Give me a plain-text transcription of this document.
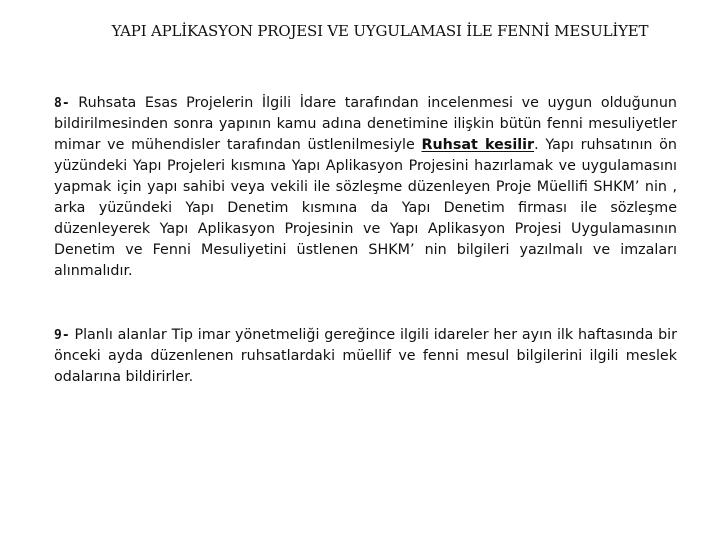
YAPI APLİKASYON PROJESI VE UYGULAMASI İLE FENNİ MESULİYET

8- Ruhsata Esas Projelerin İlgili İdare tarafından incelenmesi ve uygun olduğunun bildirilmesinden sonra yapının kamu adına denetimine ilişkin bütün fenni mesuliyetler mimar ve mühendisler tarafından üstlenilmesiyle Ruhsat kesilir. Yapı ruhsatının ön yüzündeki Yapı Projeleri kısmına Yapı Aplikasyon Projesini hazırlamak ve uygulamasını yapmak için yapı sahibi veya vekili ile sözleşme düzenleyen Proje Müellifi SHKM’ nin , arka yüzündeki Yapı Denetim kısmına da Yapı Denetim firması ile sözleşme düzenleyerek Yapı Aplikasyon Projesinin ve Yapı Aplikasyon Projesi Uygulamasının Denetim ve Fenni Mesuliyetini üstlenen SHKM’ nin bilgileri yazılmalı ve imzaları alınmalıdır.

9- Planlı alanlar Tip imar yönetmeliği gereğince ilgili idareler her ayın ilk haftasında bir önceki ayda düzenlenen ruhsatlardaki müellif ve fenni mesul bilgilerini ilgili meslek odalarına bildirirler.
